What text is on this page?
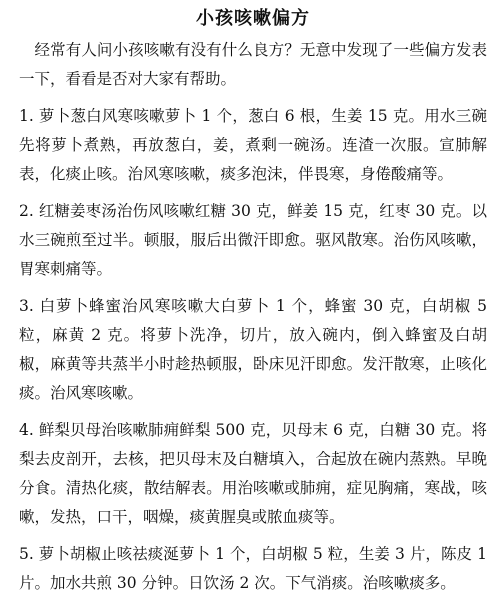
小孩咳嗽偏方

经常有人问小孩咳嗽有没有什么良方？无意中发现了一些偏方发表一下，看看是否对大家有帮助。

1. 萝卜葱白风寒咳嗽萝卜 1 个，葱白 6 根，生姜 15 克。用水三碗先将萝卜煮熟，再放葱白，姜，煮剩一碗汤。连渣一次服。宣肺解表，化痰止咳。治风寒咳嗽，痰多泡沫，伴畏寒，身倦酸痛等。

2. 红糖姜枣汤治伤风咳嗽红糖 30 克，鲜姜 15 克，红枣 30 克。以水三碗煎至过半。顿服，服后出微汗即愈。驱风散寒。治伤风咳嗽，胃寒刺痛等。

3. 白萝卜蜂蜜治风寒咳嗽大白萝卜 1 个，蜂蜜 30 克，白胡椒 5 粒，麻黄 2 克。将萝卜洗净，切片，放入碗内，倒入蜂蜜及白胡椒，麻黄等共蒸半小时趁热顿服，卧床见汗即愈。发汗散寒，止咳化痰。治风寒咳嗽。

4. 鲜梨贝母治咳嗽肺痈鲜梨 500 克，贝母末 6 克，白糖 30 克。将梨去皮剖开，去核，把贝母末及白糖填入，合起放在碗内蒸熟。早晚分食。清热化痰，散结解表。用治咳嗽或肺痈，症见胸痛，寒战，咳嗽，发热，口干，咽燥，痰黄腥臭或脓血痰等。

5. 萝卜胡椒止咳祛痰涎萝卜 1 个，白胡椒 5 粒，生姜 3 片，陈皮 1 片。加水共煎 30 分钟。日饮汤 2 次。下气消痰。治咳嗽痰多。
